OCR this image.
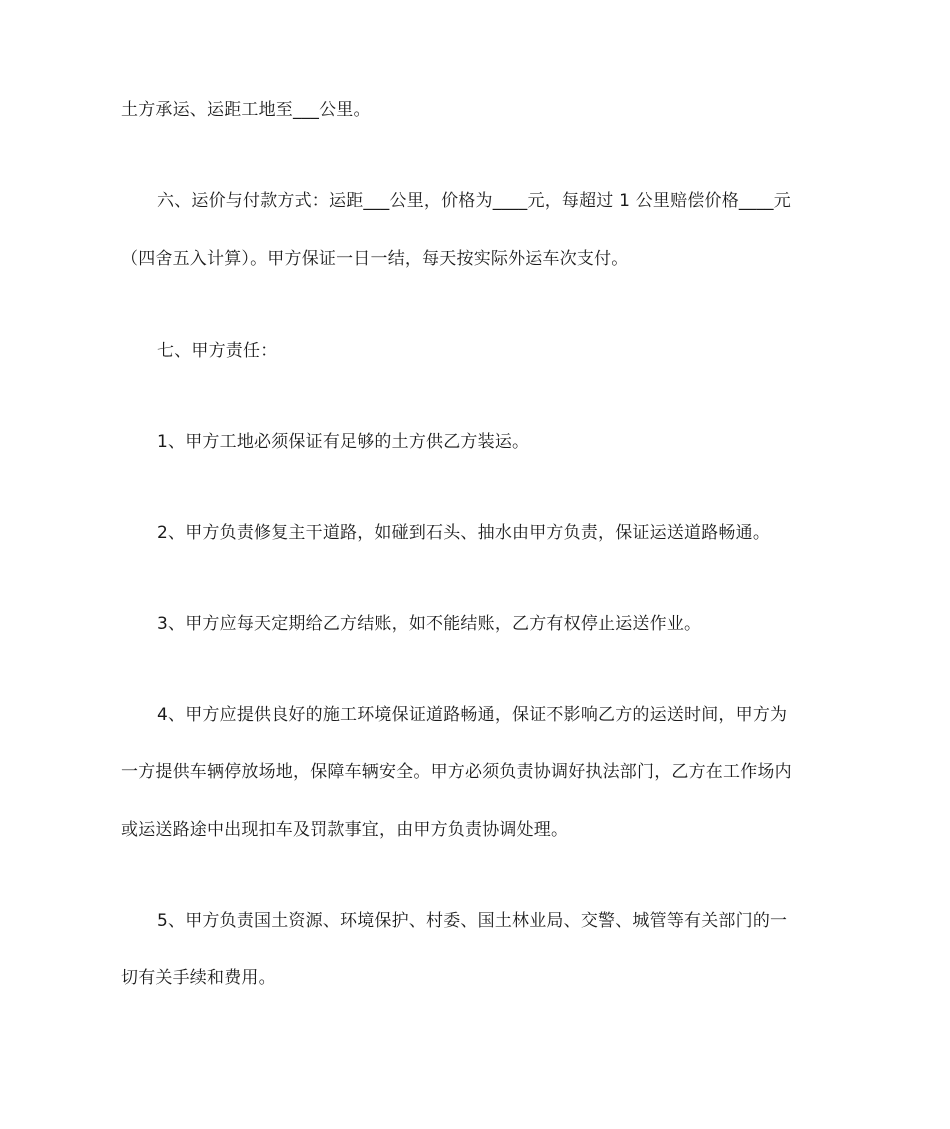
土方承运、运距工地至___公里。
六、运价与付款方式：运距___公里，价格为____元，每超过 1 公里赔偿价格____元
（四舍五入计算）。甲方保证一日一结，每天按实际外运车次支付。
七、甲方责任：
1、甲方工地必须保证有足够的土方供乙方装运。
2、甲方负责修复主干道路，如碰到石头、抽水由甲方负责，保证运送道路畅通。
3、甲方应每天定期给乙方结账，如不能结账，乙方有权停止运送作业。
4、甲方应提供良好的施工环境保证道路畅通，保证不影响乙方的运送时间，甲方为
一方提供车辆停放场地，保障车辆安全。甲方必须负责协调好执法部门，乙方在工作场内
或运送路途中出现扣车及罚款事宜，由甲方负责协调处理。
5、甲方负责国土资源、环境保护、村委、国土林业局、交警、城管等有关部门的一
切有关手续和费用。
